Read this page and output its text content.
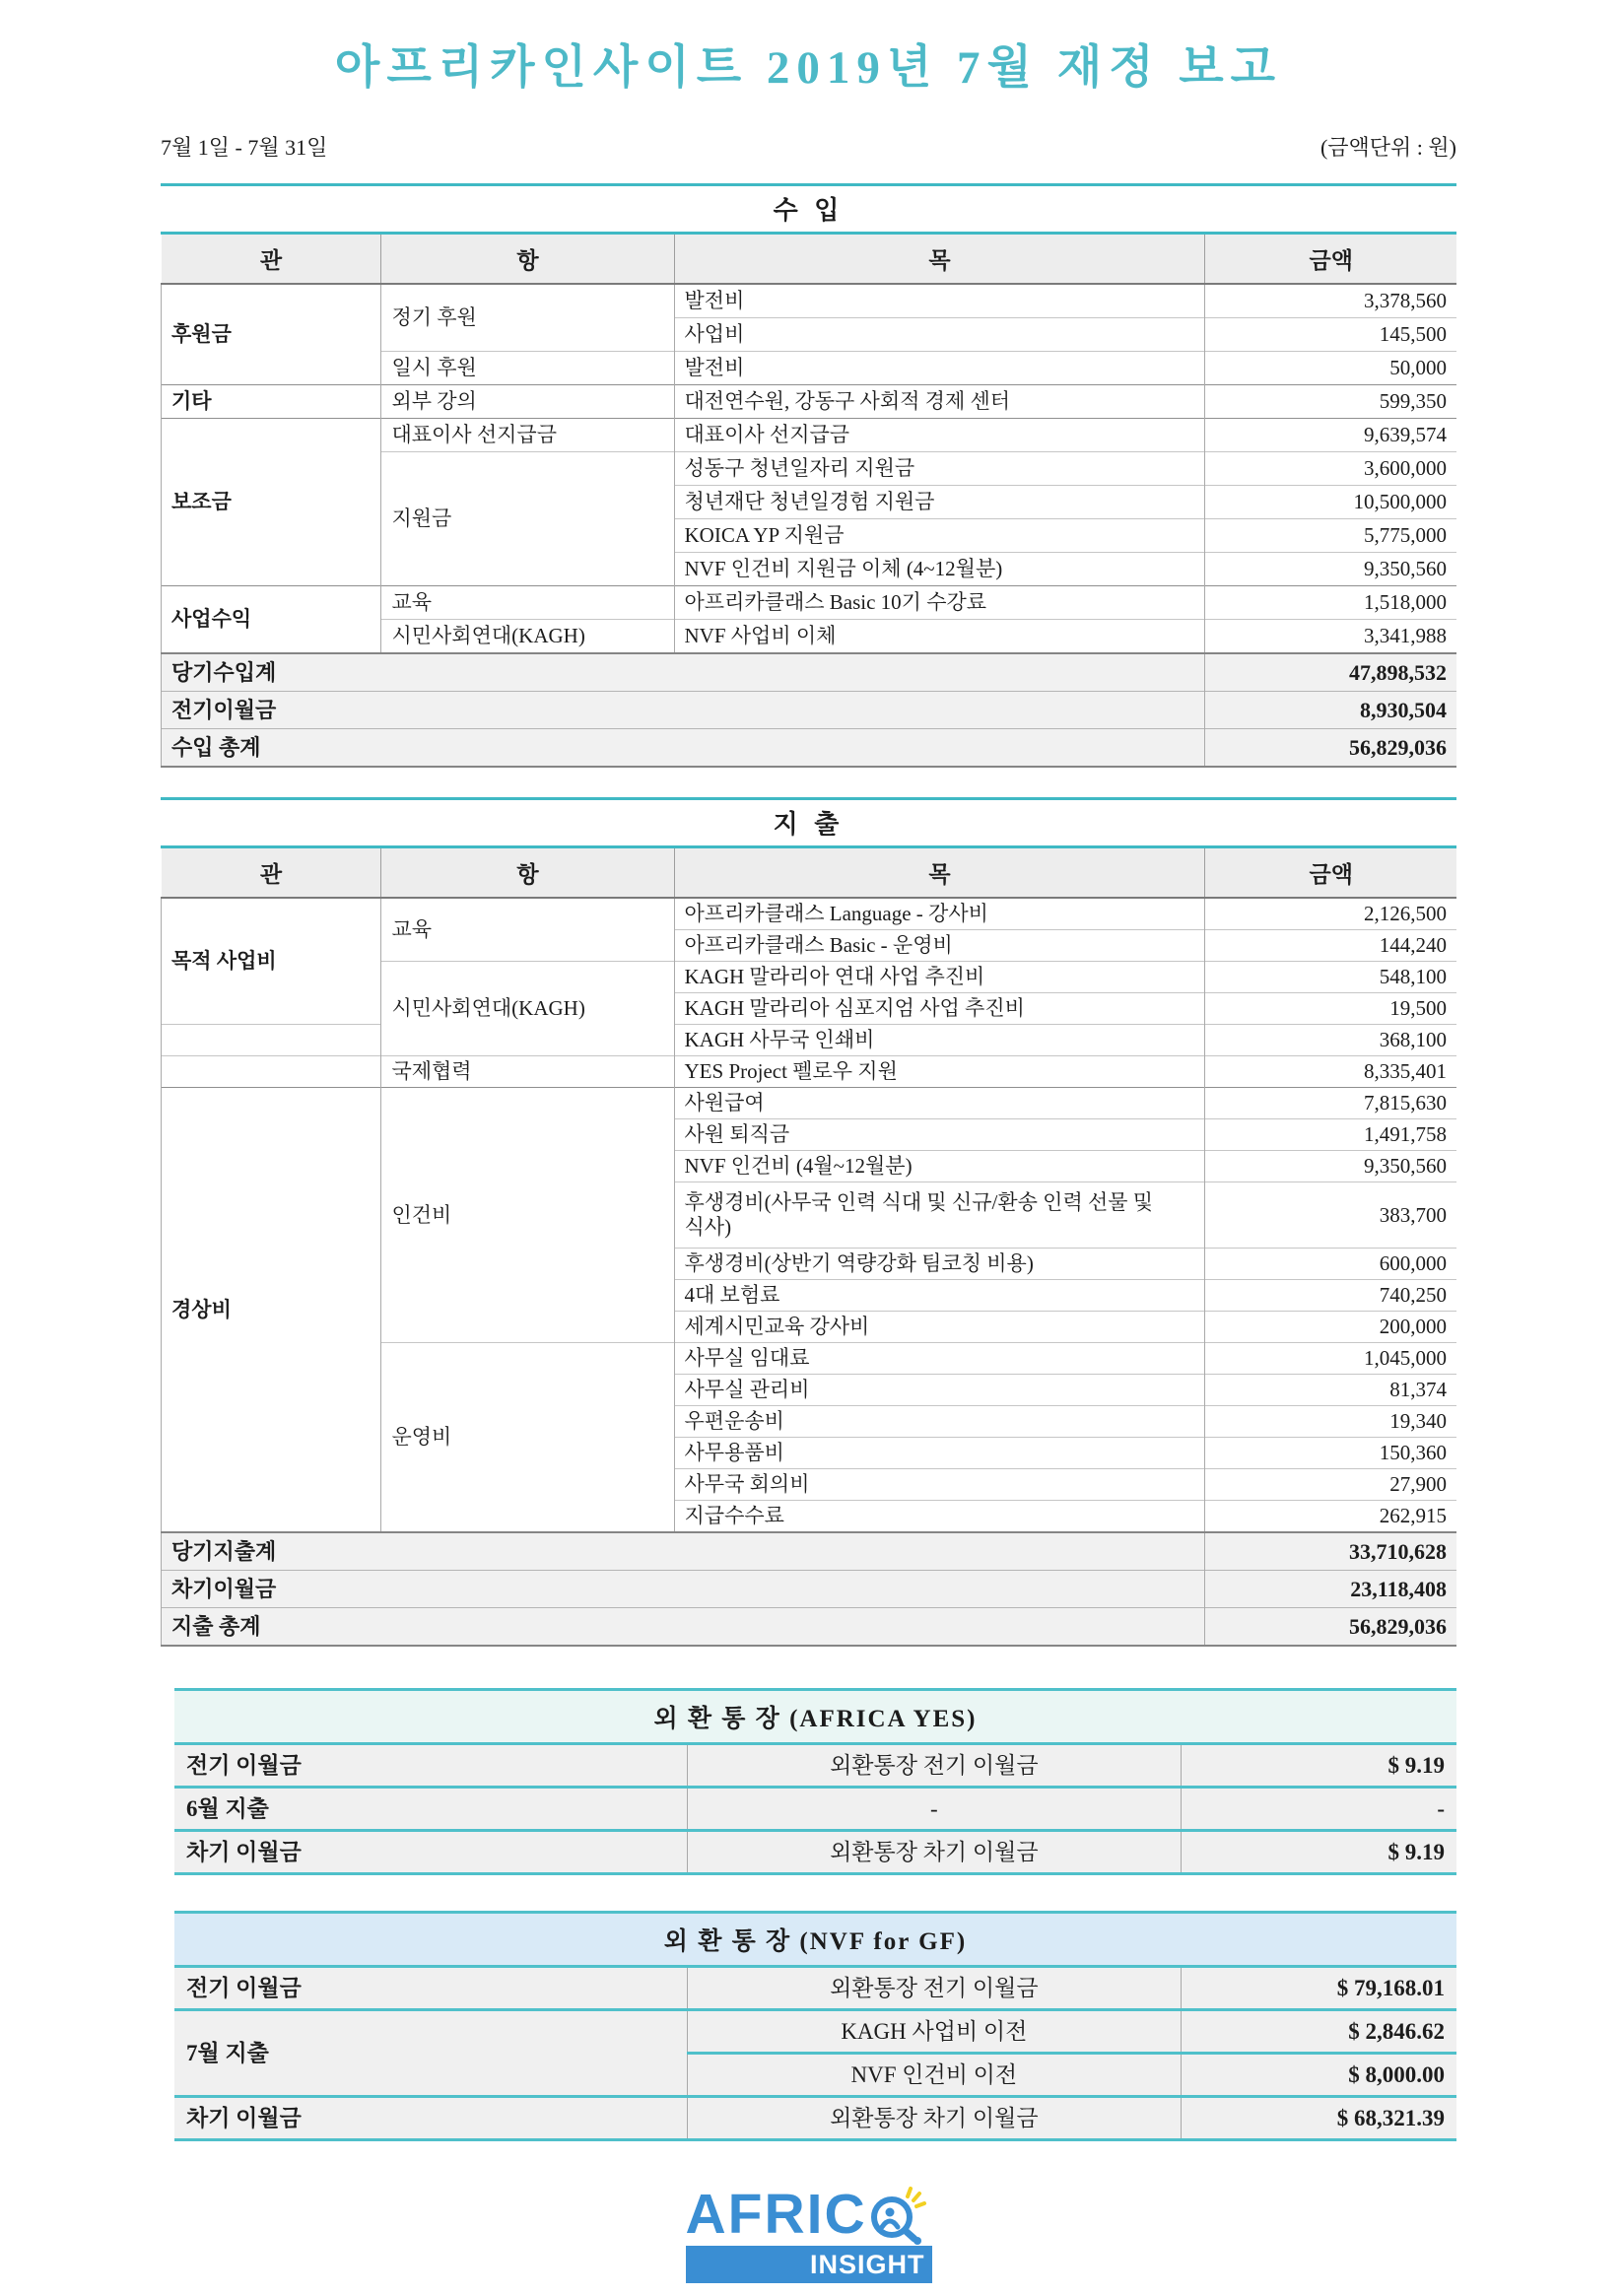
아프리카인사이트 2019년 7월 재정 보고
7월 1일 - 7월 31일	(금액단위 : 원)
수 입
관	항	목	금액
후원금	정기 후원	발전비	3,378,560
		사업비	145,500
	일시 후원	발전비	50,000
기타	외부 강의	대전연수원, 강동구 사회적 경제 센터	599,350
보조금	대표이사 선지급금	대표이사 선지급금	9,639,574
	지원금	성동구 청년일자리 지원금	3,600,000
		청년재단 청년일경험 지원금	10,500,000
		KOICA YP 지원금	5,775,000
		NVF 인건비 지원금 이체 (4~12월분)	9,350,560
사업수익	교육	아프리카클래스 Basic 10기 수강료	1,518,000
	시민사회연대(KAGH)	NVF 사업비 이체	3,341,988
당기수입계			47,898,532
전기이월금			8,930,504
수입 총계			56,829,036
지 출
관	항	목	금액
목적 사업비	교육	아프리카클래스 Language - 강사비	2,126,500
		아프리카클래스 Basic - 운영비	144,240
	시민사회연대(KAGH)	KAGH 말라리아 연대 사업 추진비	548,100
		KAGH 말라리아 심포지엄 사업 추진비	19,500
		KAGH 사무국 인쇄비	368,100
	국제협력	YES Project 펠로우 지원	8,335,401
경상비	인건비	사원급여	7,815,630
		사원 퇴직금	1,491,758
		NVF 인건비 (4월~12월분)	9,350,560
		후생경비(사무국 인력 식대 및 신규/환송 인력 선물 및 식사)	383,700
		후생경비(상반기 역량강화 팀코칭 비용)	600,000
		4대 보험료	740,250
		세계시민교육 강사비	200,000
	운영비	사무실 임대료	1,045,000
		사무실 관리비	81,374
		우편운송비	19,340
		사무용품비	150,360
		사무국 회의비	27,900
		지급수수료	262,915
당기지출계			33,710,628
차기이월금			23,118,408
지출 총계			56,829,036
외 환 통 장 (AFRICA YES)		
전기 이월금	외환통장 전기 이월금	$ 9.19
6월 지출	-	-
차기 이월금	외환통장 차기 이월금	$ 9.19
외 환 통 장 (NVF for GF)		
전기 이월금	외환통장 전기 이월금	$ 79,168.01
7월 지출	KAGH 사업비 이전	$ 2,846.62
	NVF 인건비 이전	$ 8,000.00
차기 이월금	외환통장 차기 이월금	$ 68,321.39
AFRIC
INSIGHT
